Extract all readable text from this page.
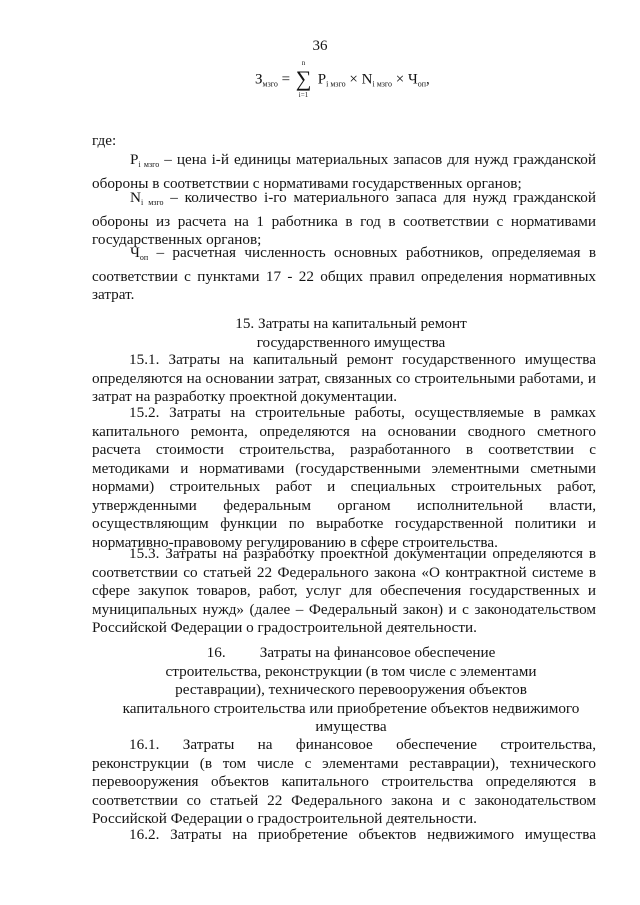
36
$З_{мзго}$ =
n
∑
i=1
$P_{i мзго} \times N_{i мзго} \times Ч_{оп}$,
где:

$P_{i мзго}$ – цена i-й единицы материальных запасов для нужд гражданской

обороны в соответствии с нормативами государственных органов;

$N_{i мзго}$ – количество i-го материального запаса для нужд гражданской

обороны из расчета на 1 работника в год в соответствии с нормативами

государственных органов;

$Ч_{оп}$ – расчетная численность основных работников, определяемая в

соответствии с пунктами 17 - 22 общих правил определения нормативных

затрат.

15. Затраты на капитальный ремонт

государственного имущества

15.1. Затраты на капитальный ремонт государственного имущества

определяются на основании затрат, связанных со строительными работами, и

затрат на разработку проектной документации.

15.2. Затраты на строительные работы, осуществляемые в рамках

капитального ремонта, определяются на основании сводного сметного

расчета стоимости строительства, разработанного в соответствии с

методиками и нормативами (государственными элементными сметными

нормами) строительных работ и специальных строительных работ,

утвержденными федеральным органом исполнительной власти,

осуществляющим функции по выработке государственной политики и

нормативно-правовому регулированию в сфере строительства.

15.3. Затраты на разработку проектной документации определяются в

соответствии со статьей 22 Федерального закона «О контрактной системе в

сфере закупок товаров, работ, услуг для обеспечения государственных и

муниципальных нужд» (далее – Федеральный закон) и с законодательством

Российской Федерации о градостроительной деятельности.

16. Затраты на финансовое обеспечение

строительства, реконструкции (в том числе с элементами

реставрации), технического перевооружения объектов

капитального строительства или приобретение объектов недвижимого

имущества

16.1. Затраты на финансовое обеспечение строительства,

реконструкции (в том числе с элементами реставрации), технического

перевооружения объектов капитального строительства определяются в

соответствии со статьей 22 Федерального закона и с законодательством

Российской Федерации о градостроительной деятельности.

16.2. Затраты на приобретение объектов недвижимого имущества
